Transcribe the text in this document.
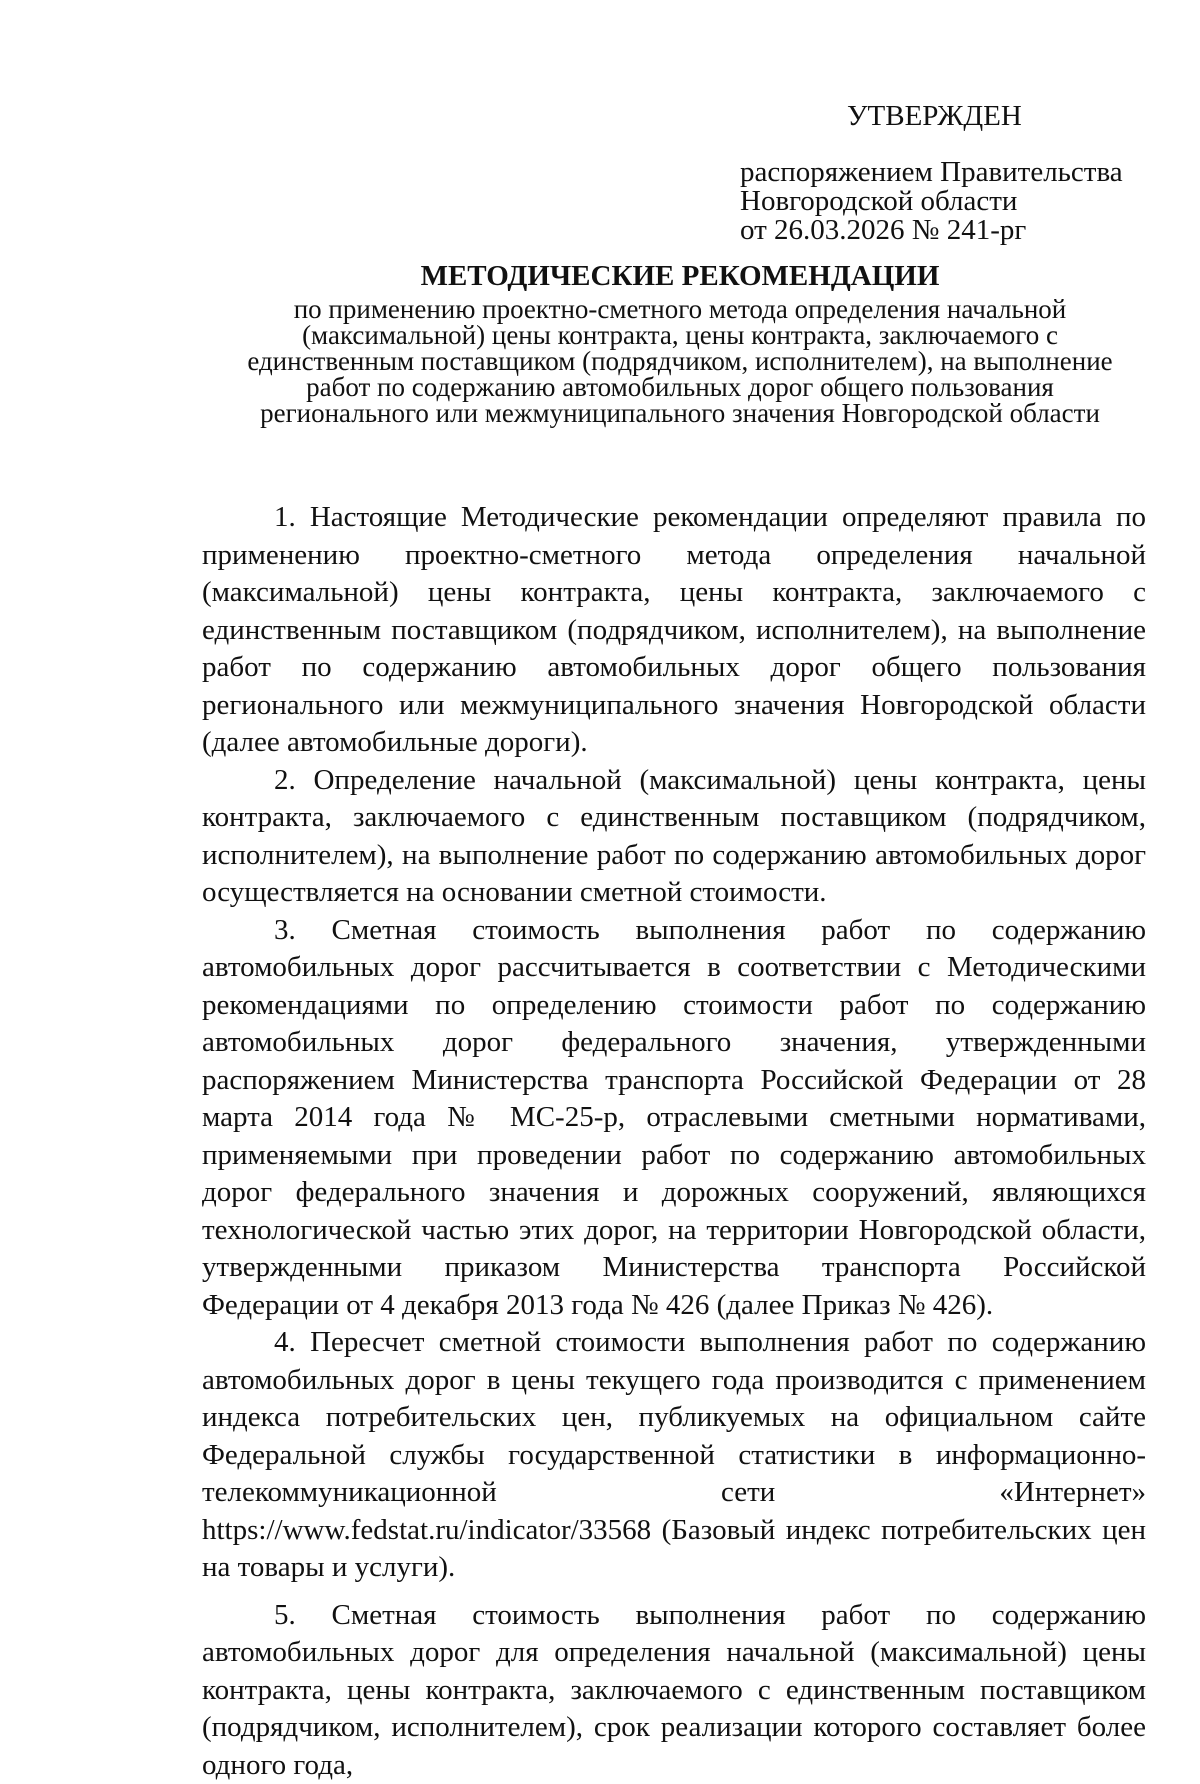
УТВЕРЖДЕН
распоряжением Правительства
Новгородской области
от 26.03.2026 № 241-рг
МЕТОДИЧЕСКИЕ РЕКОМЕНДАЦИИ
по применению проектно-сметного метода определения начальной
(максимальной) цены контракта, цены контракта, заключаемого с
единственным поставщиком (подрядчиком, исполнителем), на выполнение
работ по содержанию автомобильных дорог общего пользования
регионального или межмуниципального значения Новгородской области

1. Настоящие Методические рекомендации определяют правила по применению проектно-сметного метода определения начальной (максимальной) цены контракта, цены контракта, заключаемого с единственным поставщиком (подрядчиком, исполнителем), на выполнение работ по содержанию автомобильных дорог общего пользования регионального или межмуниципального значения Новгородской области (далее автомобильные дороги).

2. Определение начальной (максимальной) цены контракта, цены контракта, заключаемого с единственным поставщиком (подрядчиком, исполнителем), на выполнение работ по содержанию автомобильных дорог осуществляется на основании сметной стоимости.

3. Сметная стоимость выполнения работ по содержанию автомобильных дорог рассчитывается в соответствии с Методическими рекомендациями по определению стоимости работ по содержанию автомобильных дорог федерального значения, утвержденными распоряжением Министерства транспорта Российской Федерации от 28 марта 2014 года № МС-25-р, отраслевыми сметными нормативами, применяемыми при проведении работ по содержанию автомобильных дорог федерального значения и дорожных сооружений, являющихся технологической частью этих дорог, на территории Новгородской области, утвержденными приказом Министерства транспорта Российской Федерации от 4 декабря 2013 года № 426 (далее Приказ № 426).

4. Пересчет сметной стоимости выполнения работ по содержанию автомобильных дорог в цены текущего года производится с применением индекса потребительских цен, публикуемых на официальном сайте Федеральной службы государственной статистики в информационно-телекоммуникационной сети «Интернет» https://www.fedstat.ru/indicator/33568 (Базовый индекс потребительских цен на товары и услуги).

5. Сметная стоимость выполнения работ по содержанию автомобильных дорог для определения начальной (максимальной) цены контракта, цены контракта, заключаемого с единственным поставщиком (подрядчиком, исполнителем), срок реализации которого составляет более одного года,
